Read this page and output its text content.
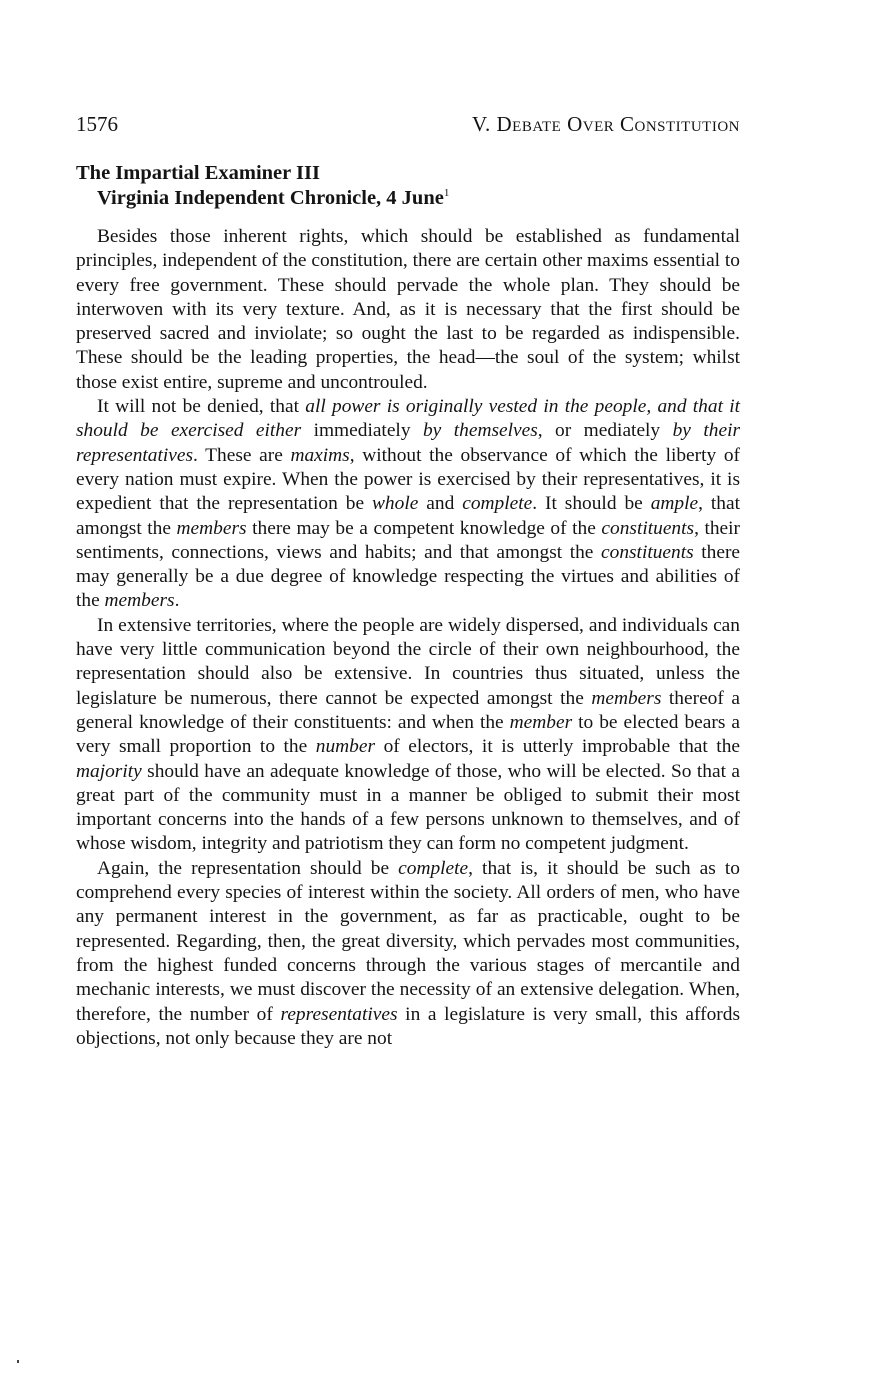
1576	V. Debate Over Constitution
The Impartial Examiner III
Virginia Independent Chronicle, 4 June$^1$

Besides those inherent rights, which should be established as fundamental principles, independent of the constitution, there are certain other maxims essential to every free government. These should pervade the whole plan. They should be interwoven with its very texture. And, as it is necessary that the first should be preserved sacred and inviolate; so ought the last to be regarded as indispensible. These should be the leading properties, the head—the soul of the system; whilst those exist entire, supreme and uncontrouled.

It will not be denied, that all power is originally vested in the people, and that it should be exercised either immediately by themselves, or mediately by their representatives. These are maxims, without the observance of which the liberty of every nation must expire. When the power is exercised by their representatives, it is expedient that the representation be whole and complete. It should be ample, that amongst the members there may be a competent knowledge of the constituents, their sentiments, connections, views and habits; and that amongst the constituents there may generally be a due degree of knowledge respecting the virtues and abilities of the members.

In extensive territories, where the people are widely dispersed, and individuals can have very little communication beyond the circle of their own neighbourhood, the representation should also be extensive. In countries thus situated, unless the legislature be numerous, there cannot be expected amongst the members thereof a general knowledge of their constituents: and when the member to be elected bears a very small proportion to the number of electors, it is utterly improbable that the majority should have an adequate knowledge of those, who will be elected. So that a great part of the community must in a manner be obliged to submit their most important concerns into the hands of a few persons unknown to themselves, and of whose wisdom, integrity and patriotism they can form no competent judgment.

Again, the representation should be complete, that is, it should be such as to comprehend every species of interest within the society. All orders of men, who have any permanent interest in the government, as far as practicable, ought to be represented. Regarding, then, the great diversity, which pervades most communities, from the highest funded concerns through the various stages of mercantile and mechanic interests, we must discover the necessity of an extensive delegation. When, therefore, the number of representatives in a legislature is very small, this affords objections, not only because they are not
